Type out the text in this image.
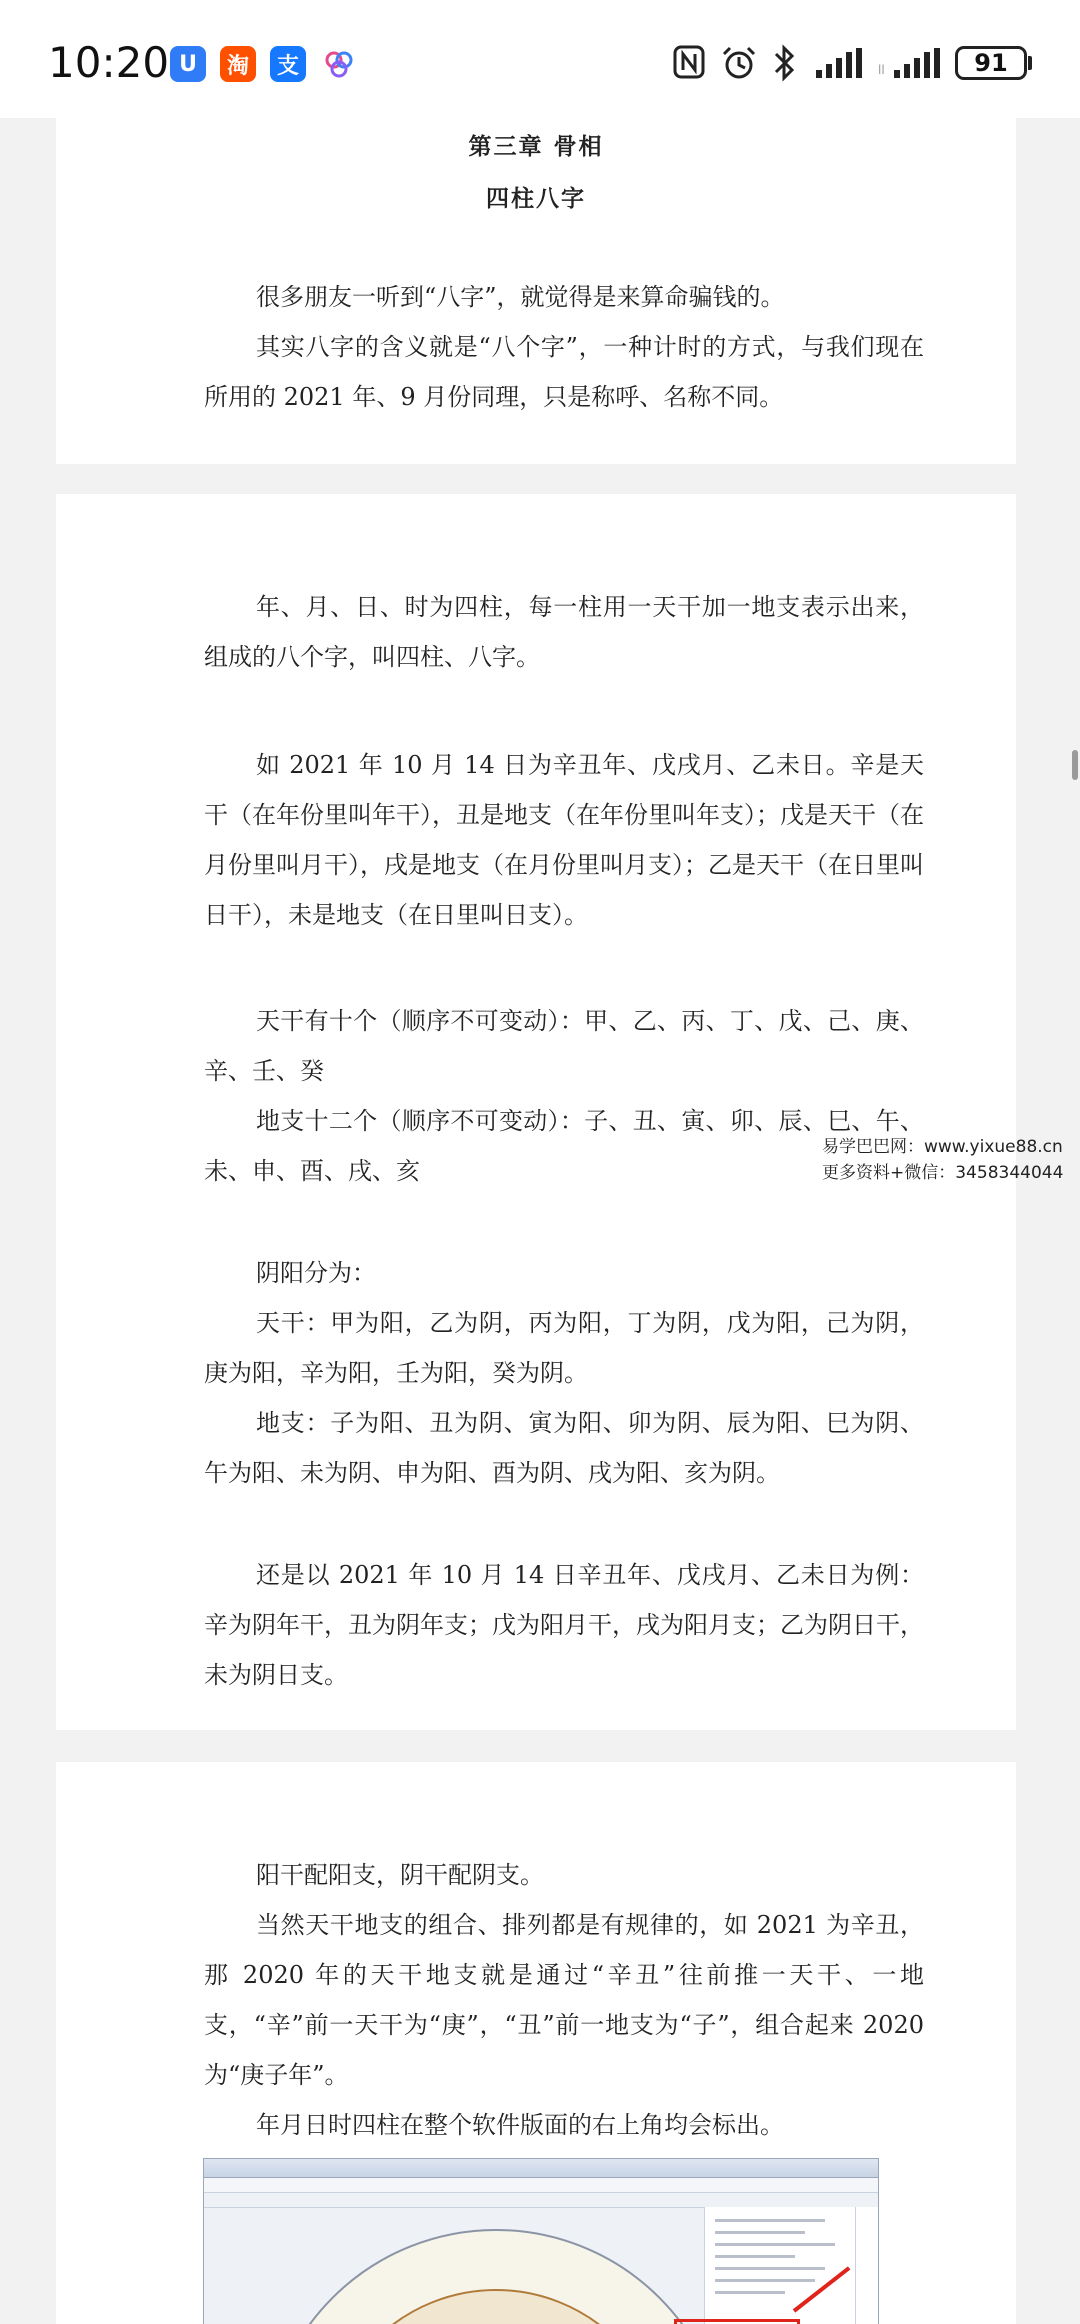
10:20 U	淘	支	ll	91
第三章 骨相
四柱八字

很多朋友一听到“八字”，就觉得是来算命骗钱的。

其实八字的含义就是“八个字”，一种计时的方式，与我们现在所用的 2021 年、9 月份同理，只是称呼、名称不同。

年、月、日、时为四柱，每一柱用一天干加一地支表示出来，组成的八个字，叫四柱、八字。

如 2021 年 10 月 14 日为辛丑年、戊戌月、乙未日。辛是天干（在年份里叫年干），丑是地支（在年份里叫年支）；戊是天干（在月份里叫月干），戌是地支（在月份里叫月支）；乙是天干（在日里叫日干），未是地支（在日里叫日支）。

天干有十个（顺序不可变动）：甲、乙、丙、丁、戊、己、庚、辛、壬、癸

地支十二个（顺序不可变动）：子、丑、寅、卯、辰、巳、午、未、申、酉、戌、亥

阴阳分为：

天干：甲为阳，乙为阴，丙为阳，丁为阴，戊为阳，己为阴，庚为阳，辛为阳，壬为阳，癸为阴。

地支：子为阳、丑为阴、寅为阳、卯为阴、辰为阳、巳为阴、午为阳、未为阴、申为阳、酉为阴、戌为阳、亥为阴。

还是以 2021 年 10 月 14 日辛丑年、戊戌月、乙未日为例：辛为阴年干，丑为阴年支；戊为阳月干，戌为阳月支；乙为阴日干，未为阴日支。

阳干配阳支，阴干配阴支。

当然天干地支的组合、排列都是有规律的，如 2021 为辛丑，那 2020 年的天干地支就是通过“辛丑”往前推一天干、一地支，“辛”前一天干为“庚”，“丑”前一地支为“子”，组合起来 2020 为“庚子年”。

年月日时四柱在整个软件版面的右上角均会标出。

易学巴巴网：www.yixue88.cn
更多资料+微信：3458344044
